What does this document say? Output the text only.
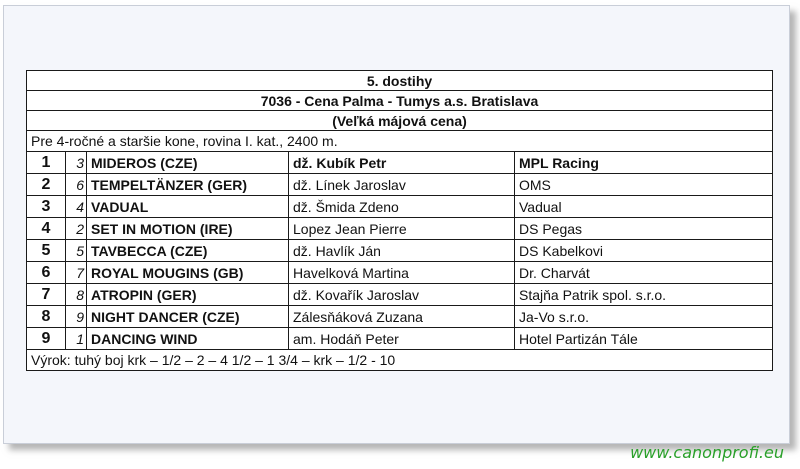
5. dostihy				
7036 - Cena Palma - Tumys a.s. Bratislava				
(Veľká májová cena)				
Pre 4-ročné a staršie kone, rovina I. kat., 2400 m.				
1	3	MIDEROS (CZE)	dž. Kubík Petr	MPL Racing
2	6	TEMPELTÄNZER (GER)	dž. Línek Jaroslav	OMS
3	4	VADUAL	dž. Šmida Zdeno	Vadual
4	2	SET IN MOTION (IRE)	Lopez Jean Pierre	DS Pegas
5	5	TAVBECCA (CZE)	dž. Havlík Ján	DS Kabelkovi
6	7	ROYAL MOUGINS (GB)	Havelková Martina	Dr. Charvát
7	8	ATROPIN (GER)	dž. Kovařík Jaroslav	Stajňa Patrik spol. s.r.o.
8	9	NIGHT DANCER (CZE)	Zálesňáková Zuzana	Ja-Vo s.r.o.
9	1	DANCING WIND	am. Hodáň Peter	Hotel Partizán Tále
Výrok: tuhý boj krk – 1/2 – 2 – 4 1/2 – 1 3/4 – krk – 1/2 - 10				
www.canonprofi.eu
